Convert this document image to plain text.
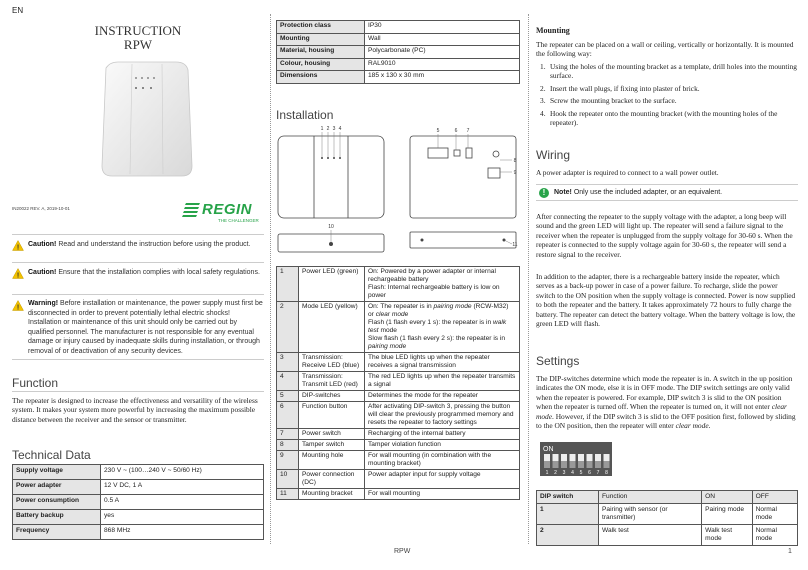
EN
INSTRUCTION
RPW
IN20022 REV. A, 2019-10-01	REGIN
THE CHALLENGER
! Caution! Read and understand the instruction before using the product.
! Caution! Ensure that the installation complies with local safety regulations.
!
Warning! Before installation or maintenance, the power supply must first be disconnected in order to prevent potentially lethal electric shocks! Installation or maintenance of this unit should only be carried out by qualified personnel. The manufacturer is not responsible for any eventual damage or injury caused by inadequate skills during installation, or through removal of or deactivation of any security devices.
Function
The repeater is designed to increase the effectiveness and versatility of the wireless system. It makes your system more powerful by increasing the maximum possible distance between the receiver and the sensor or transmitter.
Technical Data
Supply voltage	230 V ~ (100…240 V ~ 50/60 Hz)
Power adapter	12 V DC, 1 A
Power consumption	0.5 A
Battery backup	yes
Frequency	868 MHz
Protection class	IP30
Mounting	Wall
Material, housing	Polycarbonate (PC)
Colour, housing	RAL9010
Dimensions	185 x 130 x 30 mm
Installation
1 2 3 4	5	6 7
8
9
10
11
1	Power LED (green)	On: Powered by a power adapter or internal rechargeable battery
Flash: Internal rechargeable battery is low on power
2	Mode LED (yellow)	On: The repeater is in pairing mode (RCW-M32) or clear mode
Flash (1 flash every 1 s): the repeater is in walk test mode
Slow flash (1 flash every 2 s): the repeater is in pairing mode
3	Transmission: Receive LED (blue)	The blue LED lights up when the repeater receives a signal transmission
4	Transmission: Transmit LED (red)	The red LED lights up when the repeater transmits a signal
5	DIP-switches	Determines the mode for the repeater
6	Function button	After activating DIP-switch 3, pressing the button will clear the previously programmed memory and resets the repeater to factory settings
7	Power switch	Recharging of the internal battery
8	Tamper switch	Tamper violation function
9	Mounting hole	For wall mounting (in combination with the mounting bracket)
10	Power connection (DC)	Power adapter input for supply voltage
11	Mounting bracket	For wall mounting
Mounting
The repeater can be placed on a wall or ceiling, vertically or horizontally. It is mounted the following way:
1. Using the holes of the mounting bracket as a template, drill holes into the mounting surface.
2. Insert the wall plugs, if fixing into plaster of brick.
3. Screw the mounting bracket to the surface.
4. Hook the repeater onto the mounting bracket (with the mounting holes of the repeater).
Wiring
A power adapter is required to connect to a wall power outlet.
!	Note! Only use the included adapter, or an equivalent.
After connecting the repeater to the supply voltage with the adapter, a long beep will sound and the green LED will light up. The repeater will send a failure signal to the receiver when the repeater is unplugged from the supply voltage for 30-60 s. When the repeater is connected to the supply voltage again for 30-60 s, the repeater will send a restore signal to the receiver.
In addition to the adapter, there is a rechargeable battery inside the repeater, which serves as a back-up power in case of a power failure. To recharge, slide the power switch to the ON position when the supply voltage is connected. Power is now supplied to both the repeater and the battery. It takes approximately 72 hours to fully charge the battery. The repeater can detect the battery voltage. When the battery voltage is low, the green LED will flash.
Settings
The DIP-switches determine which mode the repeater is in. A switch in the up position indicates the ON mode, else it is in OFF mode. The DIP switch settings are only valid when the repeater is powered. For example, DIP switch 3 is slid to the ON position when the repeater is turned off. When the repeater is turned on, it will not enter clear mode. However, if the DIP switch 3 is slid to the OFF position first, followed by sliding to the ON position, then the repeater will enter clear mode.
ON
1 2 3 4 5 6 7 8
DIP switch	Function	ON	OFF
1	Pairing with sensor (or transmitter)	Pairing mode	Normal mode
2	Walk test	Walk test mode	Normal mode
RPW	1
